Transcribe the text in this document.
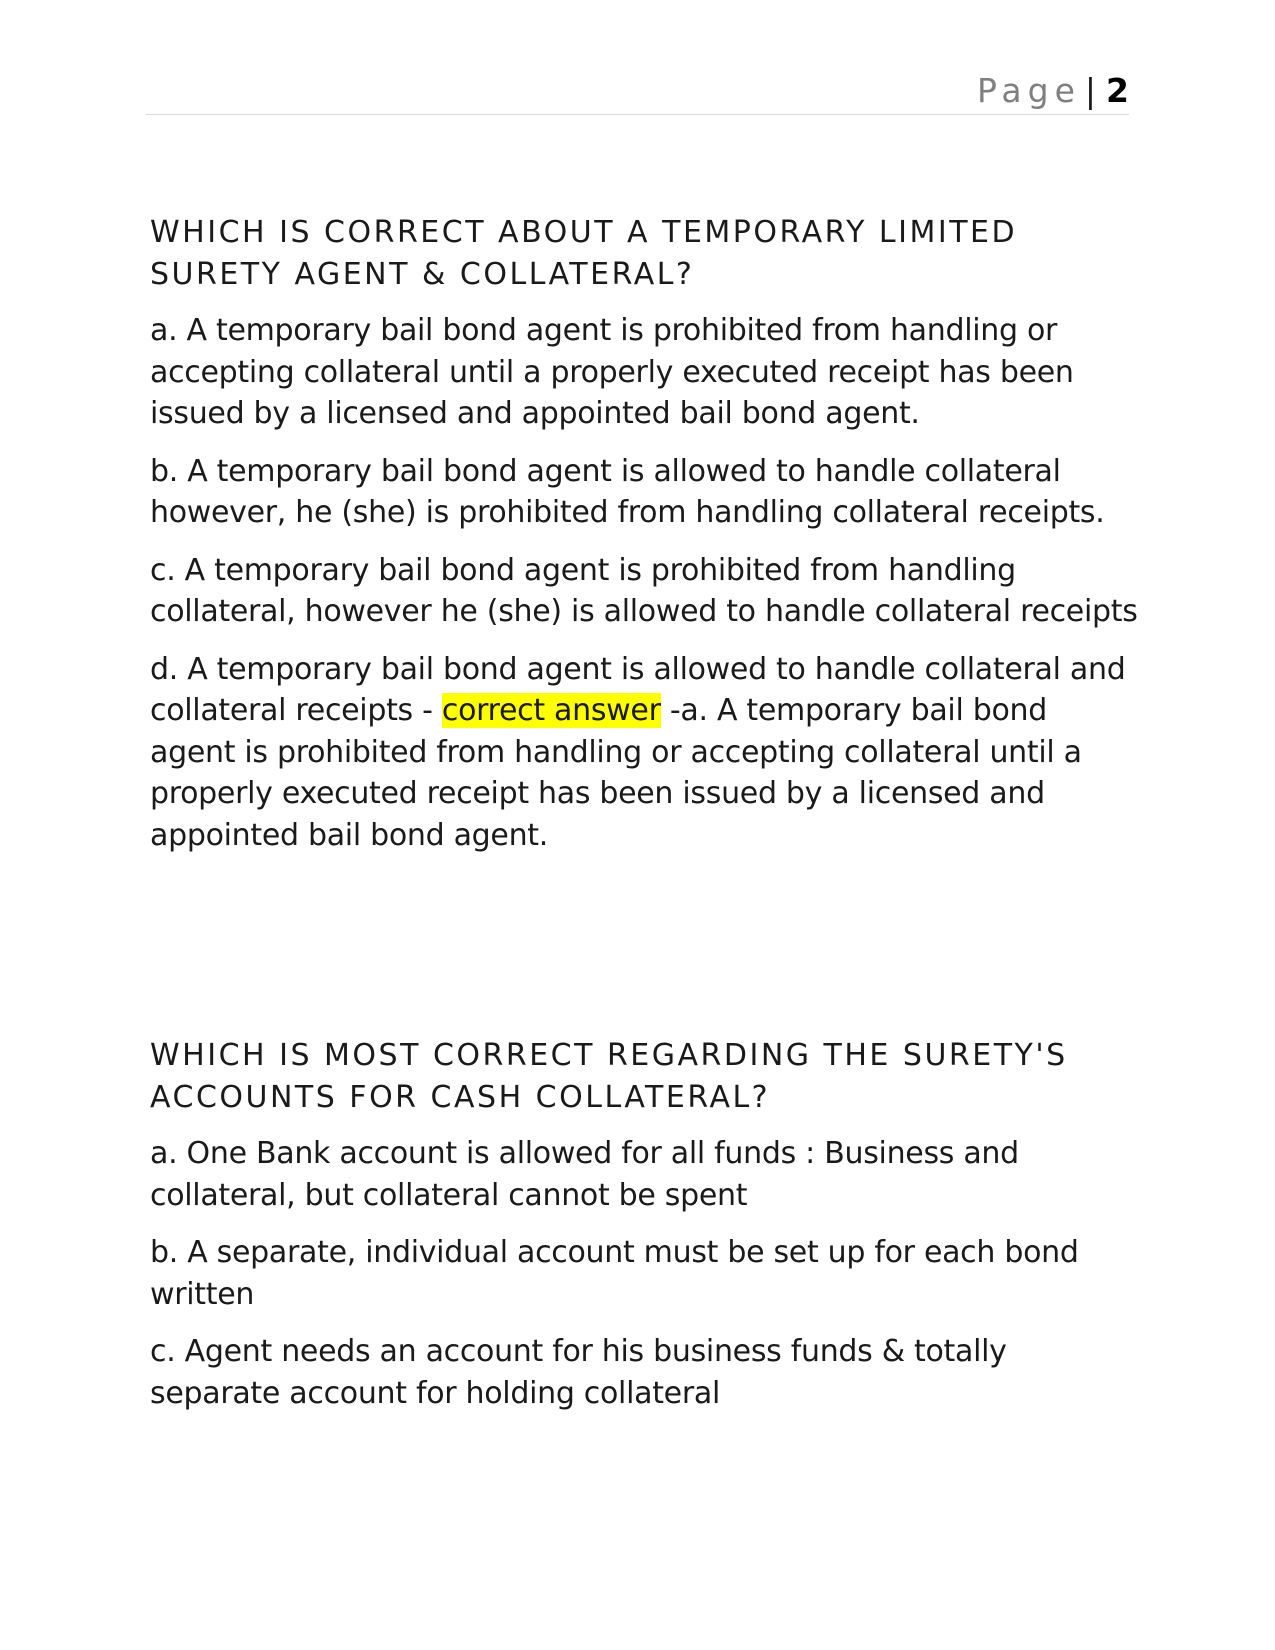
Page | 2
WHICH IS CORRECT ABOUT A TEMPORARY LIMITED
SURETY AGENT & COLLATERAL?

a. A temporary bail bond agent is prohibited from handling or accepting collateral until a properly executed receipt has been issued by a licensed and appointed bail bond agent.

b. A temporary bail bond agent is allowed to handle collateral however, he (she) is prohibited from handling collateral receipts.

c. A temporary bail bond agent is prohibited from handling collateral, however he (she) is allowed to handle collateral receipts

d. A temporary bail bond agent is allowed to handle collateral and collateral receipts - correct answer -a. A temporary bail bond agent is prohibited from handling or accepting collateral until a properly executed receipt has been issued by a licensed and appointed bail bond agent.

WHICH IS MOST CORRECT REGARDING THE SURETY'S
ACCOUNTS FOR CASH COLLATERAL?

a. One Bank account is allowed for all funds : Business and collateral, but collateral cannot be spent

b. A separate, individual account must be set up for each bond written

c. Agent needs an account for his business funds & totally separate account for holding collateral
